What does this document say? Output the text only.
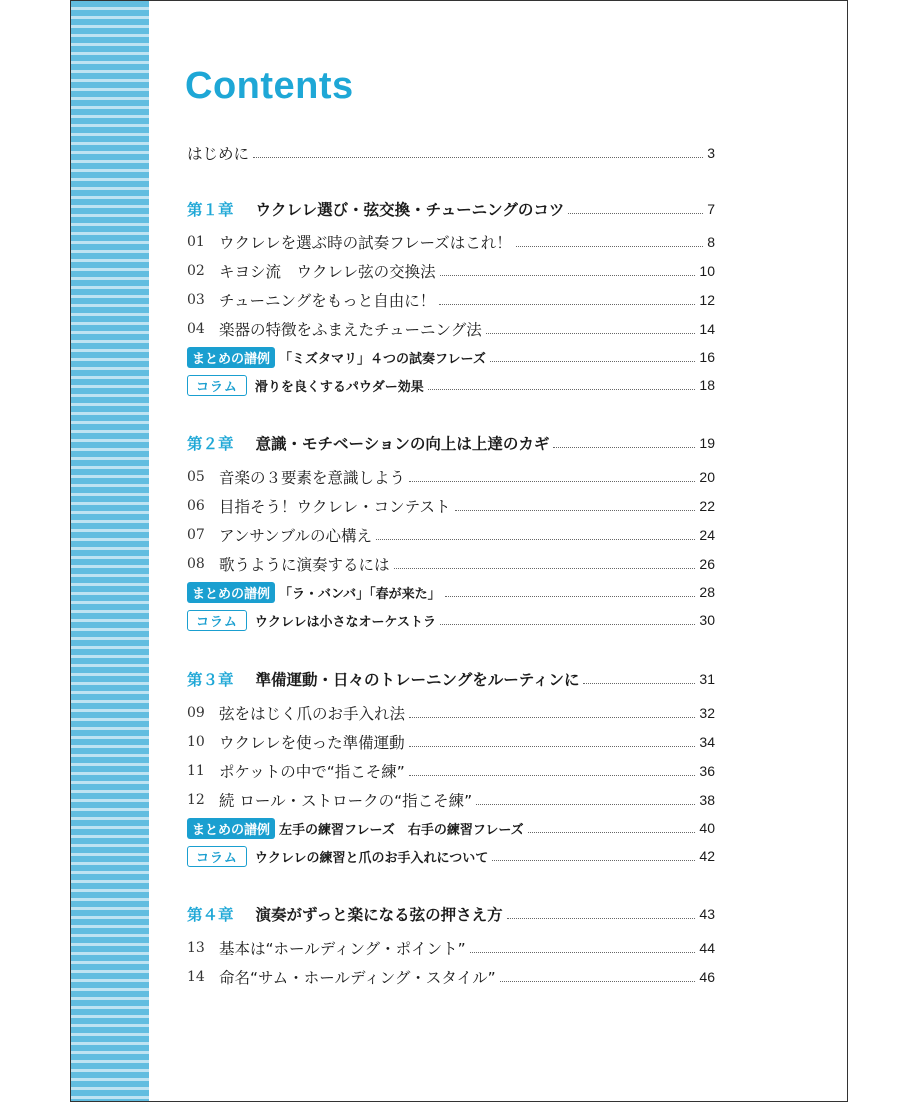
Contents
はじめに	3
第１章 ウクレレ選び・弦交換・チューニングのコツ	7
01 ウクレレを選ぶ時の試奏フレーズはこれ！	8
02 キヨシ流　ウクレレ弦の交換法	10
03 チューニングをもっと自由に！	12
04 楽器の特徴をふまえたチューニング法	14
まとめの譜例 「ミズタマリ」４つの試奏フレーズ	16
コラム	滑りを良くするパウダー効果	18
第２章 意識・モチベーションの向上は上達のカギ	19
05 音楽の３要素を意識しよう	20
06 目指そう！ウクレレ・コンテスト	22
07 アンサンブルの心構え	24
08 歌うように演奏するには	26
まとめの譜例 「ラ・バンバ」「春が来た」	28
コラム	ウクレレは小さなオーケストラ	30
第３章 準備運動・日々のトレーニングをルーティンに	31
09 弦をはじく爪のお手入れ法	32
10 ウクレレを使った準備運動	34
11 ポケットの中で“指こそ練”	36
12 続 ロール・ストロークの“指こそ練”	38
まとめの譜例 左手の練習フレーズ　右手の練習フレーズ	40
コラム	ウクレレの練習と爪のお手入れについて	42
第４章 演奏がずっと楽になる弦の押さえ方	43
13 基本は“ホールディング・ポイント”	44
14 命名“サム・ホールディング・スタイル”	46
